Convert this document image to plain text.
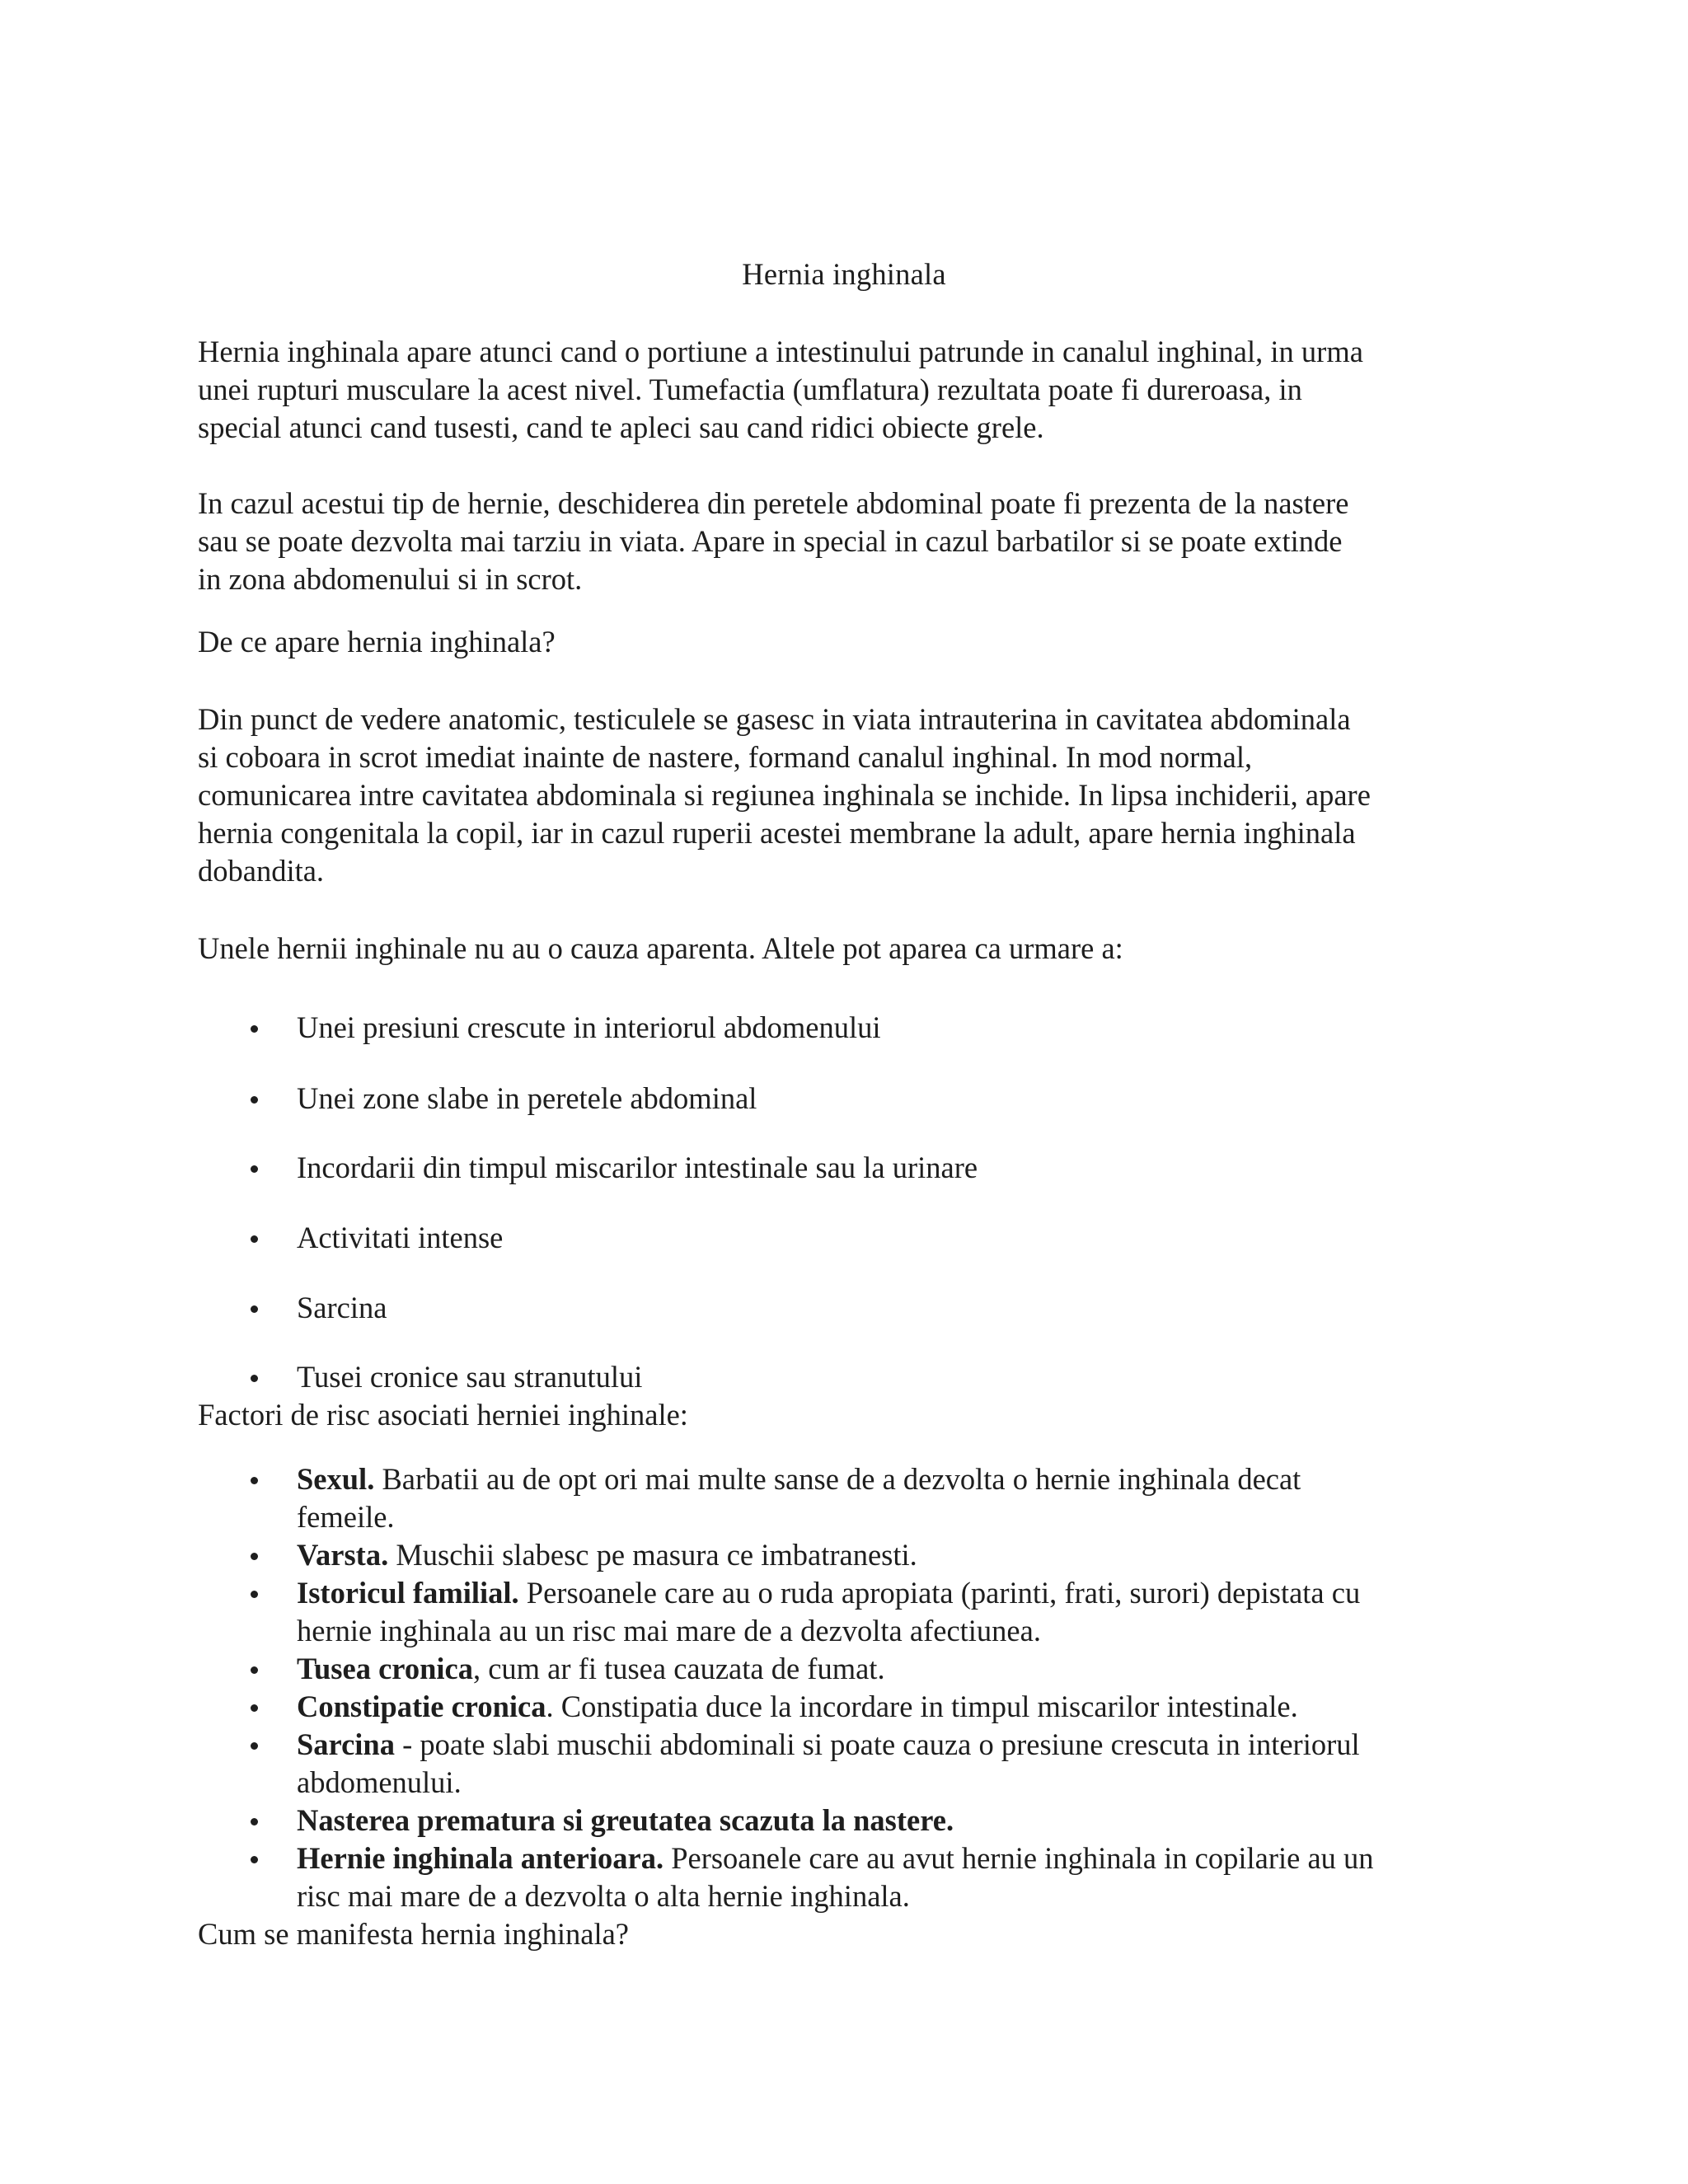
Hernia inghinala

Hernia inghinala apare atunci cand o portiune a intestinului patrunde in canalul inghinal, in urma
unei rupturi musculare la acest nivel. Tumefactia (umflatura) rezultata poate fi dureroasa, in
special atunci cand tusesti, cand te apleci sau cand ridici obiecte grele.

In cazul acestui tip de hernie, deschiderea din peretele abdominal poate fi prezenta de la nastere
sau se poate dezvolta mai tarziu in viata. Apare in special in cazul barbatilor si se poate extinde
in zona abdomenului si in scrot.

De ce apare hernia inghinala?

Din punct de vedere anatomic, testiculele se gasesc in viata intrauterina in cavitatea abdominala
si coboara in scrot imediat inainte de nastere, formand canalul inghinal. In mod normal,
comunicarea intre cavitatea abdominala si regiunea inghinala se inchide. In lipsa inchiderii, apare
hernia congenitala la copil, iar in cazul ruperii acestei membrane la adult, apare hernia inghinala
dobandita.

Unele hernii inghinale nu au o cauza aparenta. Altele pot aparea ca urmare a:

Unei presiuni crescute in interiorul abdomenului
Unei zone slabe in peretele abdominal
Incordarii din timpul miscarilor intestinale sau la urinare
Activitati intense
Sarcina
Tusei cronice sau stranutului

Factori de risc asociati herniei inghinale:

Sexul. Barbatii au de opt ori mai multe sanse de a dezvolta o hernie inghinala decat
femeile.
Varsta. Muschii slabesc pe masura ce imbatranesti.
Istoricul familial. Persoanele care au o ruda apropiata (parinti, frati, surori) depistata cu
hernie inghinala au un risc mai mare de a dezvolta afectiunea.
Tusea cronica, cum ar fi tusea cauzata de fumat.
Constipatie cronica. Constipatia duce la incordare in timpul miscarilor intestinale.
Sarcina - poate slabi muschii abdominali si poate cauza o presiune crescuta in interiorul
abdomenului.
Nasterea prematura si greutatea scazuta la nastere.
Hernie inghinala anterioara. Persoanele care au avut hernie inghinala in copilarie au un
risc mai mare de a dezvolta o alta hernie inghinala.

Cum se manifesta hernia inghinala?
